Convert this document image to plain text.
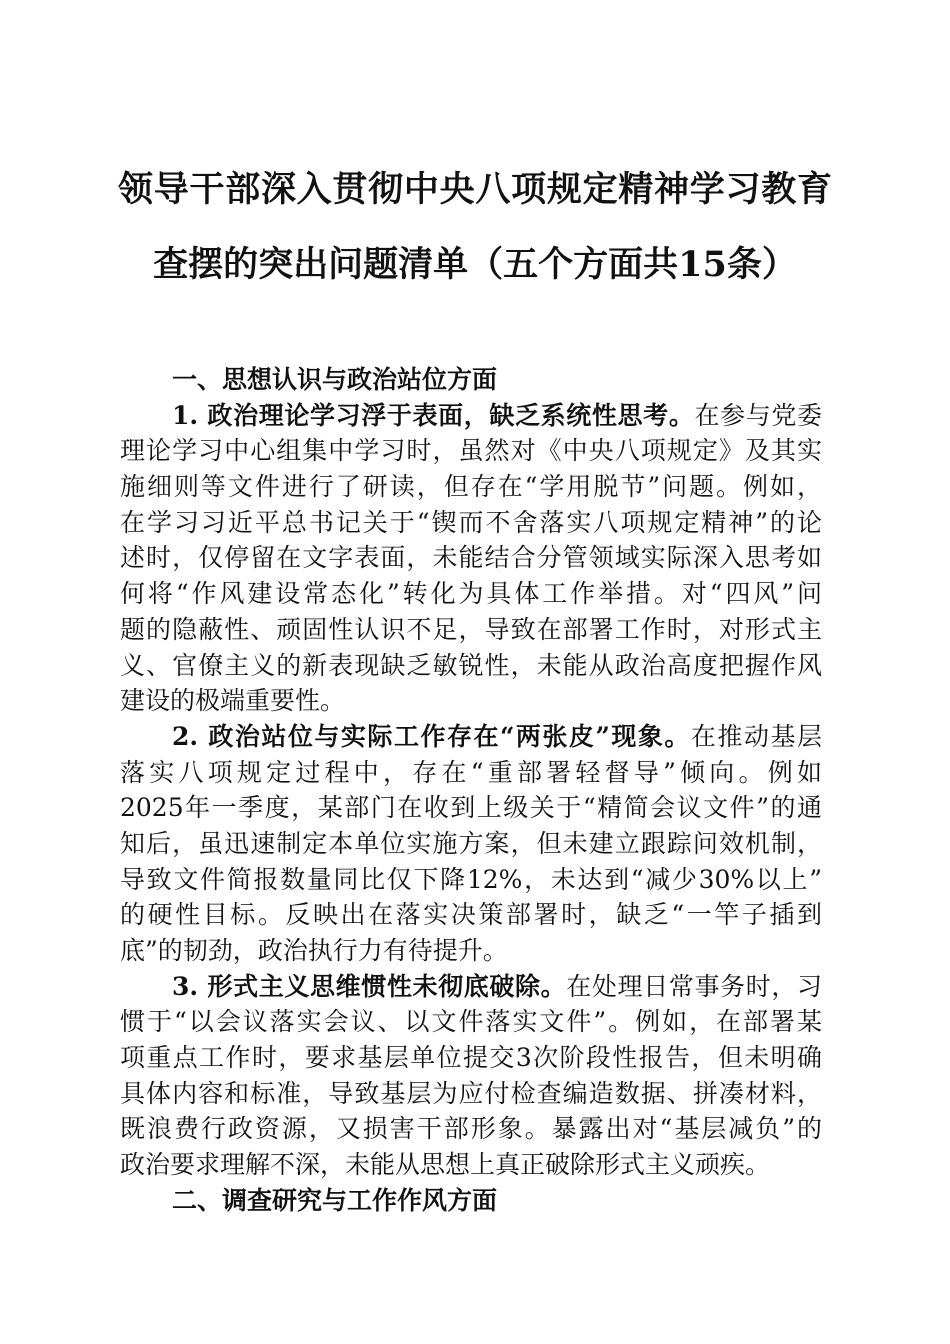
领导干部深入贯彻中央八项规定精神学习教育
查摆的突出问题清单（五个方面共15条）
一、思想认识与政治站位方面
1. 政治理论学习浮于表面，缺乏系统性思考。在参与党委
理论学习中心组集中学习时，虽然对《中央八项规定》及其实
施细则等文件进行了研读，但存在“学用脱节”问题。例如，
在学习习近平总书记关于“锲而不舍落实八项规定精神”的论
述时，仅停留在文字表面，未能结合分管领域实际深入思考如
何将“作风建设常态化”转化为具体工作举措。对“四风”问
题的隐蔽性、顽固性认识不足，导致在部署工作时，对形式主
义、官僚主义的新表现缺乏敏锐性，未能从政治高度把握作风
建设的极端重要性。
2. 政治站位与实际工作存在“两张皮”现象。在推动基层
落实八项规定过程中，存在“重部署轻督导”倾向。例如
2025年一季度，某部门在收到上级关于“精简会议文件”的通
知后，虽迅速制定本单位实施方案，但未建立跟踪问效机制，
导致文件简报数量同比仅下降12%，未达到“减少30%以上”
的硬性目标。反映出在落实决策部署时，缺乏“一竿子插到
底”的韧劲，政治执行力有待提升。
3. 形式主义思维惯性未彻底破除。在处理日常事务时，习
惯于“以会议落实会议、以文件落实文件”。例如，在部署某
项重点工作时，要求基层单位提交3次阶段性报告，但未明确
具体内容和标准，导致基层为应付检查编造数据、拼凑材料，
既浪费行政资源，又损害干部形象。暴露出对“基层减负”的
政治要求理解不深，未能从思想上真正破除形式主义顽疾。
二、调查研究与工作作风方面
